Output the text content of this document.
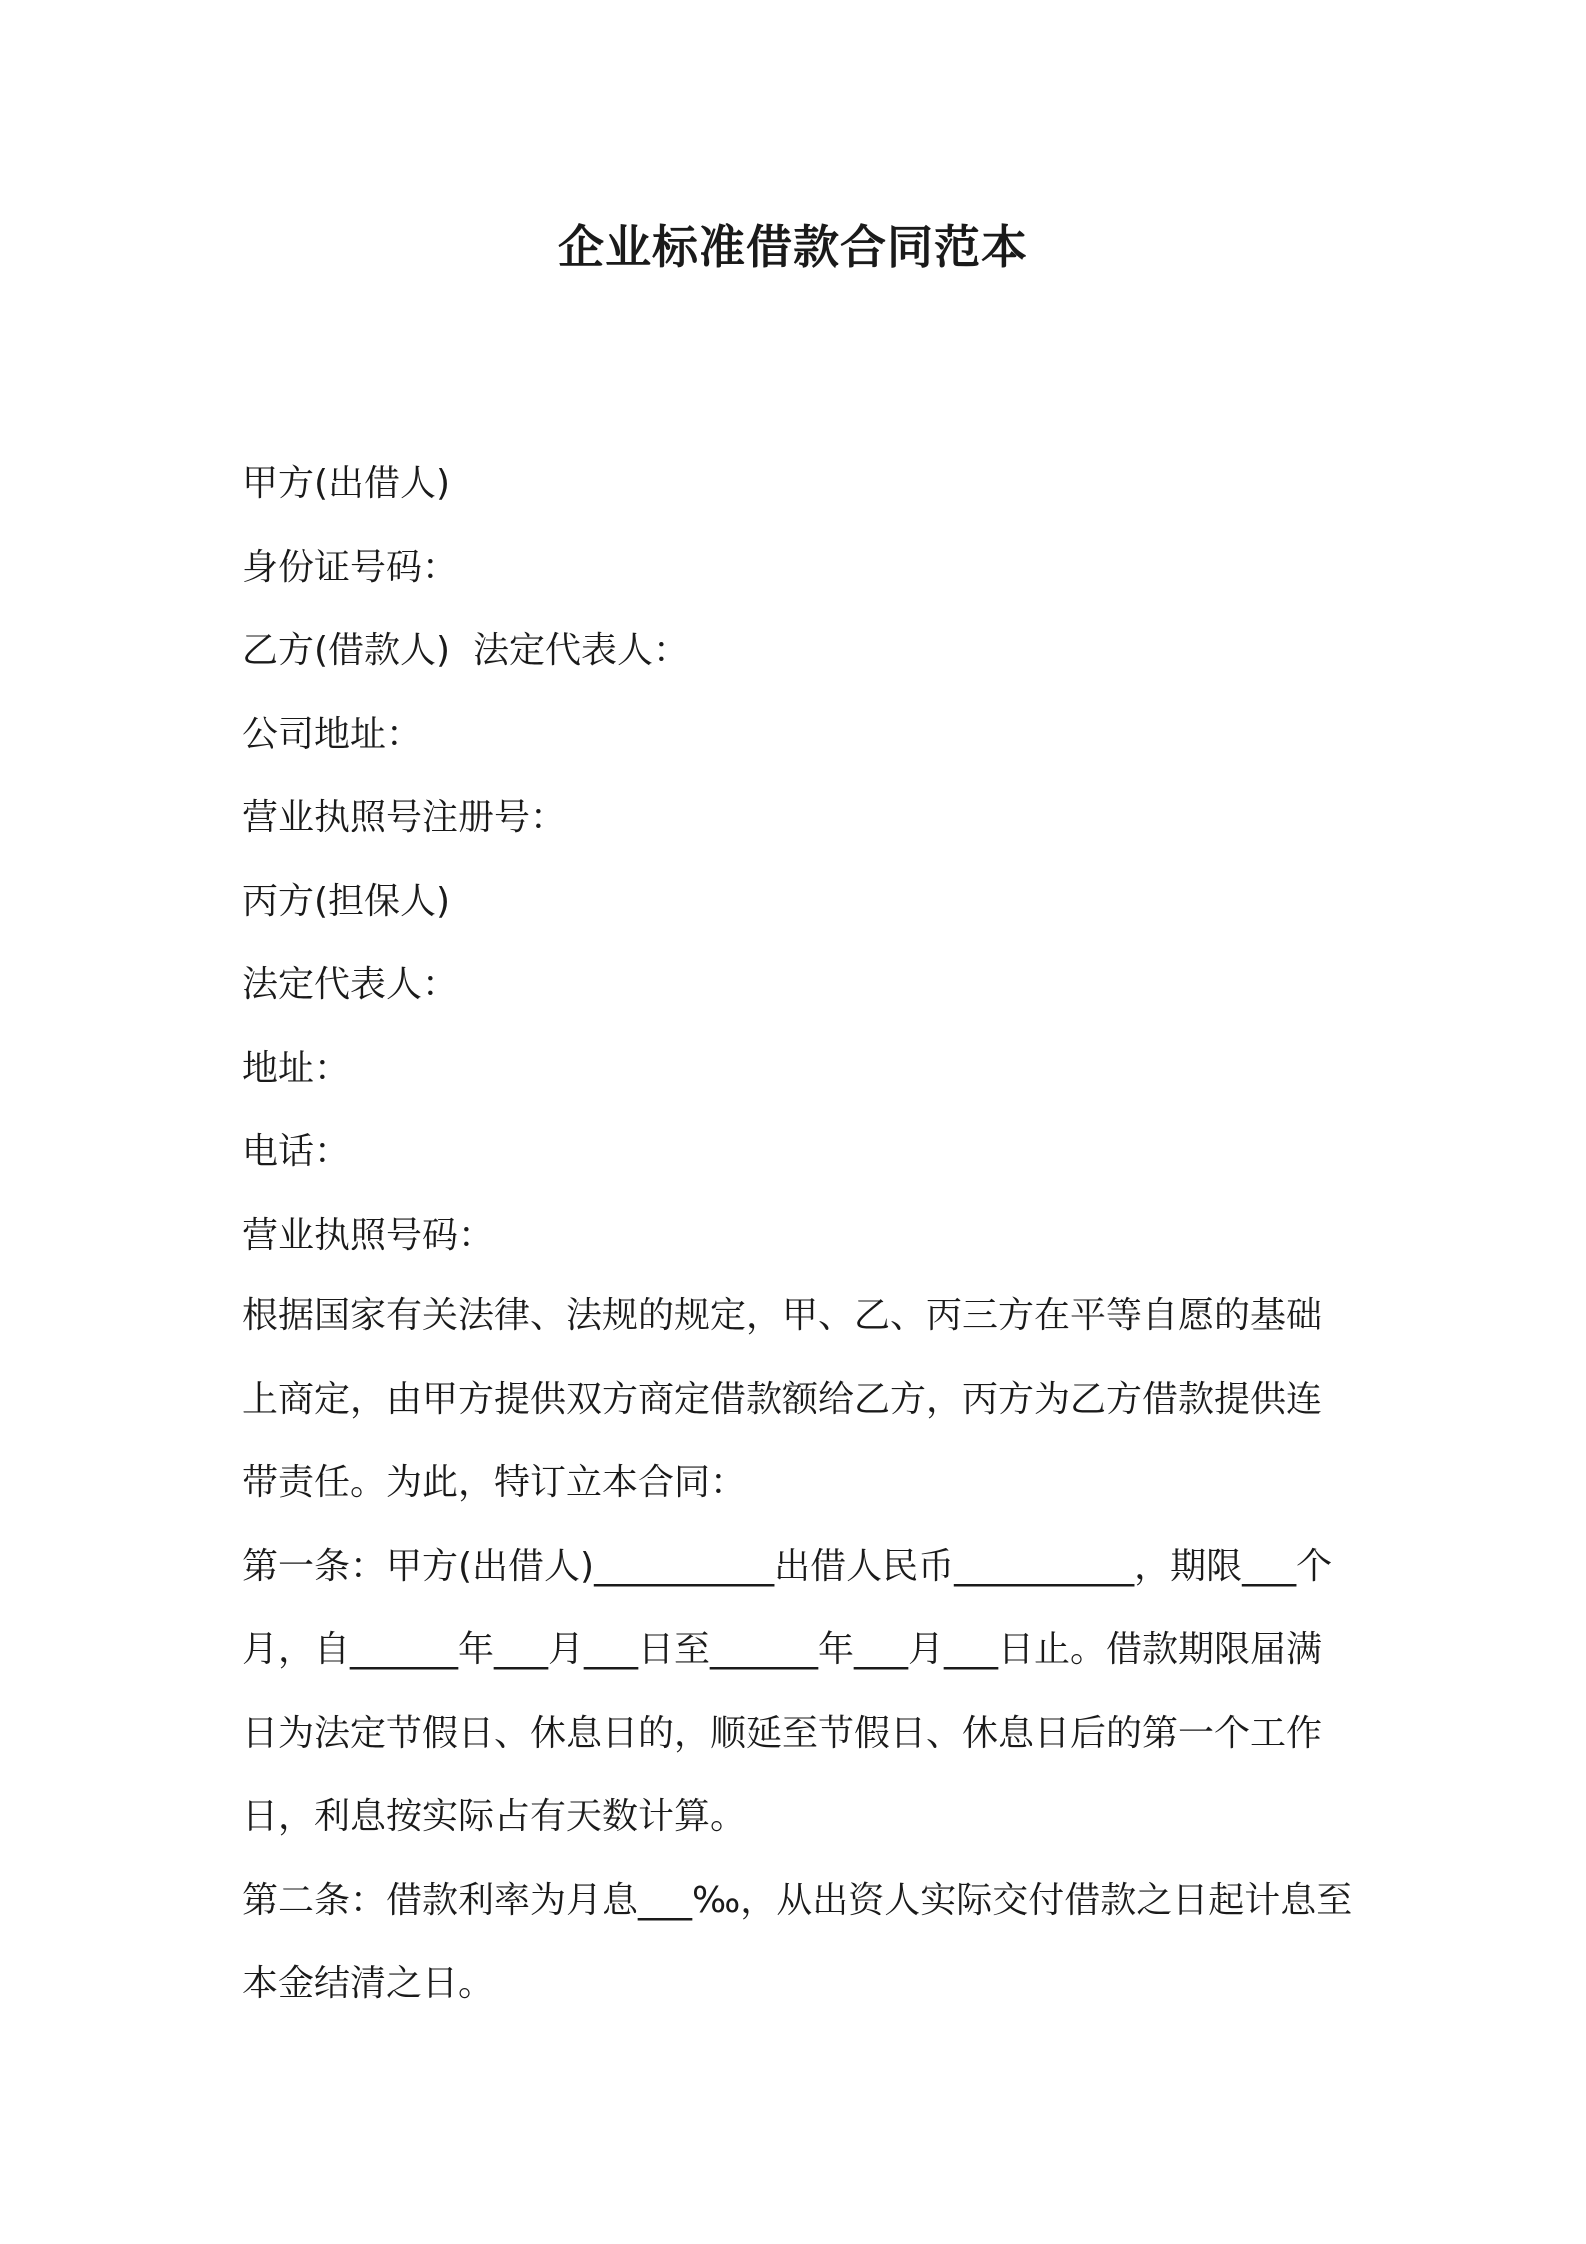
企业标准借款合同范本

甲方(出借人)

身份证号码：

乙方(借款人)  法定代表人：

公司地址：

营业执照号注册号：

丙方(担保人)

法定代表人：

地址：

电话：

营业执照号码：

根据国家有关法律、法规的规定，甲、乙、丙三方在平等自愿的基础上商定，由甲方提供双方商定借款额给乙方，丙方为乙方借款提供连带责任。为此，特订立本合同：

第一条：甲方(出借人)__________出借人民币__________，期限___个月，自______年___月___日至______年___月___日止。借款期限届满日为法定节假日、休息日的，顺延至节假日、休息日后的第一个工作日，利息按实际占有天数计算。

第二条：借款利率为月息___‰，从出资人实际交付借款之日起计息至本金结清之日。
